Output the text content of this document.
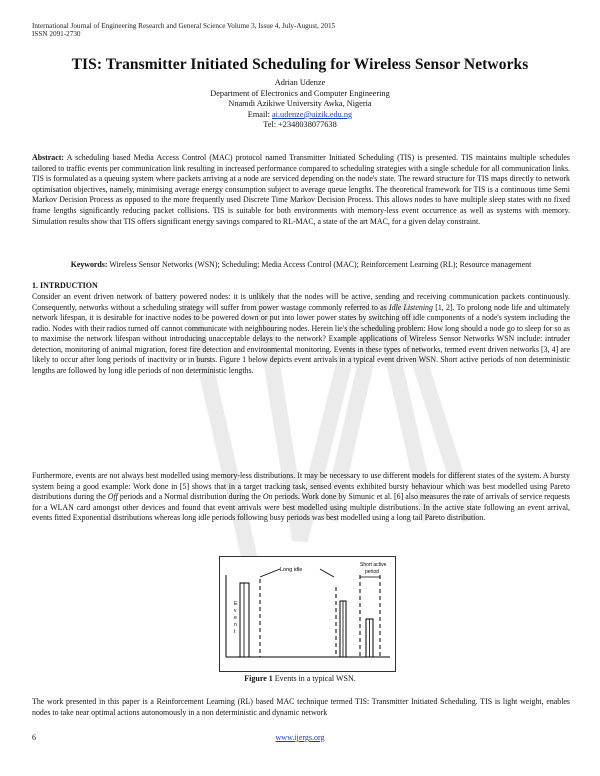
International Journal of Engineering Research and General Science Volume 3, Issue 4, July-August, 2015
ISSN 2091-2730
TIS: Transmitter Initiated Scheduling for Wireless Sensor Networks
Adrian Udenze
Department of Electronics and Computer Engineering
Nnamdi Azikiwe University Awka, Nigeria
Email: ai.udenze@uizik.edu.ng
Tel: +2348038077638
Abstract: A scheduling based Media Access Control (MAC) protocol named Transmitter Initiated Scheduling (TIS) is presented. TIS maintains multiple schedules tailored to traffic events per communication link resulting in increased performance compared to scheduling strategies with a single schedule for all communication links. TIS is formulated as a queuing system where packets arriving at a node are serviced depending on the node's state. The reward structure for TIS maps directly to network optimisation objectives, namely, minimising average energy consumption subject to average queue lengths. The theoretical framework for TIS is a continuous time Semi Markov Decision Process as opposed to the more frequently used Discrete Time Markov Decision Process. This allows nodes to have multiple sleep states with no fixed frame lengths significantly reducing packet collisions. TIS is suitable for both environments with memory-less event occurrence as well as systems with memory. Simulation results show that TIS offers significant energy savings compared to RL-MAC, a state of the art MAC, for a given delay constraint.
Keywords: Wireless Sensor Networks (WSN); Scheduling; Media Access Control (MAC); Reinforcement Learning (RL); Resource management
1. INTRDUCTION
Consider an event driven network of battery powered nodes: it is unlikely that the nodes will be active, sending and receiving communication packets continuously. Consequently, networks without a scheduling strategy will suffer from power wastage commonly referred to as Idle Listening [1, 2]. To prolong node life and ultimately network lifespan, it is desirable for inactive nodes to be powered down or put into lower power states by switching off idle components of a node's system including the radio. Nodes with their radios turned off cannot communicate with neighbouring nodes. Herein lie's the scheduling problem: How long should a node go to sleep for so as to maximise the network lifespan without introducing unacceptable delays to the network? Example applications of Wireless Sensor Networks WSN include: intruder detection, monitoring of animal migration, forest fire detection and environmental monitoring. Events in these types of networks, termed event driven networks [3, 4] are likely to occur after long periods of inactivity or in bursts. Figure 1 below depicts event arrivals in a typical event driven WSN. Short active periods of non deterministic lengths are followed by long idle periods of non deterministic lengths.
Furthermore, events are not always best modelled using memory-less distributions. It may be necessary to use different models for different states of the system. A bursty system being a good example: Work done in [5] shows that in a target tracking task, sensed events exhibited bursty behaviour which was best modelled using Pareto distributions during the Off periods and a Normal distribution during the On periods. Work done by Simunic et al. [6] also measures the rate of arrivals of service requests for a WLAN card amongst other devices and found that event arrivals were best modelled using multiple distributions. In the active state following an event arrival, events fitted Exponential distributions whereas long idle periods following busy periods was best modelled using a long tail Pareto distribution.
E v e n t
Long idle
Short active
period
Figure 1 Events in a typical WSN.
The work presented in this paper is a Reinforcement Learning (RL) based MAC technique termed TIS: Transmitter Initiated Scheduling. TIS is light weight, enables nodes to take near optimal actions autonomously in a non deterministic and dynamic network
6	www.ijergs.org
